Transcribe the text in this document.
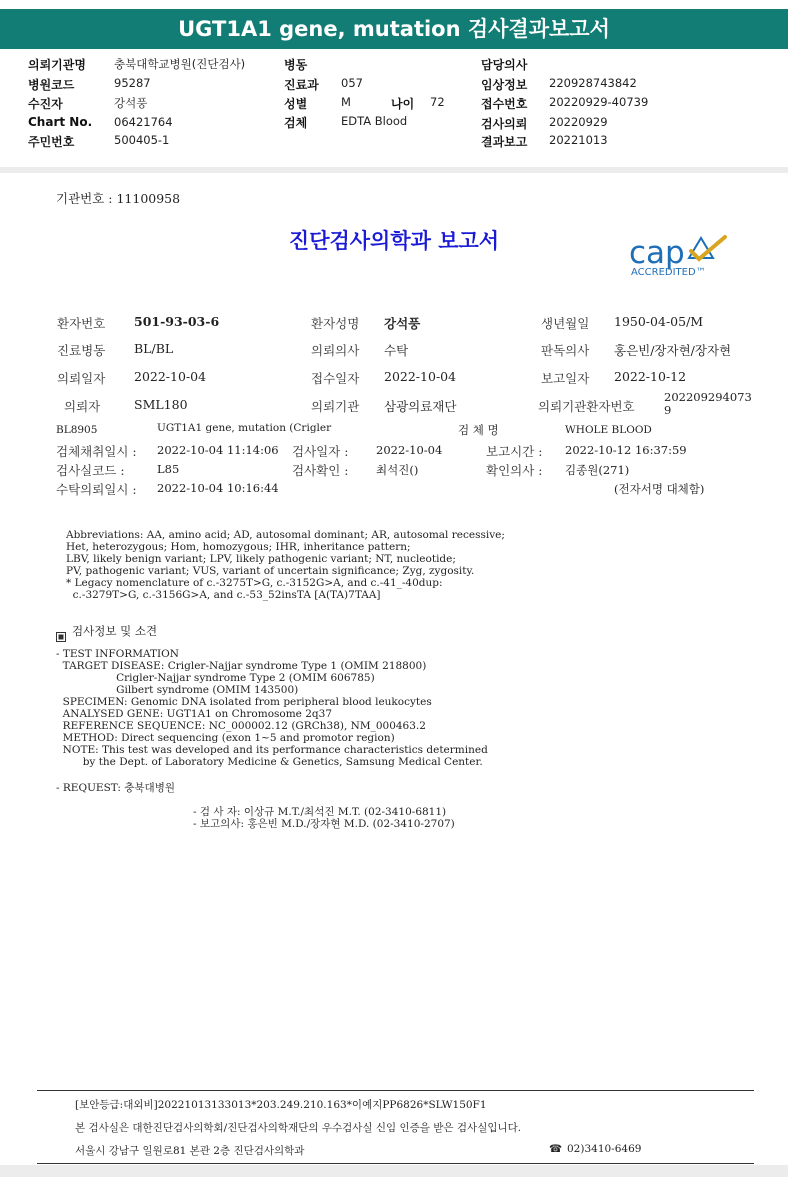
UGT1A1 gene, mutation 검사결과보고서
의뢰기관명 충북대학교병원(진단검사)	병동	담당의사
병원코드	95287	진료과 057	임상정보 220928743842
수진자	강석풍	성별	M	나이 72	접수번호 20220929-40739
Chart No. 06421764	검체	EDTA Blood	검사의뢰 20220929
주민번호	500405-1	결과보고 20221013
기관번호 : 11100958
진단검사의학과 보고서	cap
ACCREDITED™
환자번호 501-93-03-6	환자성명 강석풍	생년월일 1950-04-05/M
진료병동 BL/BL	의뢰의사 수탁	판독의사 홍은빈/장자현/장자현
의뢰일자 2022-10-04	접수일자 2022-10-04	보고일자 2022-10-12
의뢰자	SML180	의뢰기관 삼광의료재단	의뢰기관환자번호
202209294073
9
BL8905	UGT1A1 gene, mutation (Crigler	검 체 명	WHOLE BLOOD
검체채취일시 : 2022-10-04 11:14:06 검사일자 : 2022-10-04	보고시간 : 2022-10-12 16:37:59
검사실코드 :	L85	검사확인 : 최석진()	확인의사 : 김종원(271)
수탁의뢰일시 : 2022-10-04 10:16:44	(전자서명 대체함)
Abbreviations: AA, amino acid; AD, autosomal dominant; AR, autosomal recessive;
Het, heterozygous; Hom, homozygous; IHR, inheritance pattern;
LBV, likely benign variant; LPV, likely pathogenic variant; NT, nucleotide;
PV, pathogenic variant; VUS, variant of uncertain significance; Zyg, zygosity.
* Legacy nomenclature of c.-3275T>G, c.-3152G>A, and c.-41_-40dup:
c.-3279T>G, c.-3156G>A, and c.-53_52insTA [A(TA)7TAA]
검사정보 및 소견
- TEST INFORMATION
TARGET DISEASE: Crigler-Najjar syndrome Type 1 (OMIM 218800)
Crigler-Najjar syndrome Type 2 (OMIM 606785)
Gilbert syndrome (OMIM 143500)
SPECIMEN: Genomic DNA isolated from peripheral blood leukocytes
ANALYSED GENE: UGT1A1 on Chromosome 2q37
REFERENCE SEQUENCE: NC_000002.12 (GRCh38), NM_000463.2
METHOD: Direct sequencing (exon 1~5 and promotor region)
NOTE: This test was developed and its performance characteristics determined
by the Dept. of Laboratory Medicine & Genetics, Samsung Medical Center.
- REQUEST: 충북대병원
- 검 사 자: 이상규 M.T./최석진 M.T. (02-3410-6811)
- 보고의사: 홍은빈 M.D./장자현 M.D. (02-3410-2707)
[보안등급:대외비]20221013133013*203.249.210.163*이예지PP6826*SLW150F1
본 검사실은 대한진단검사의학회/진단검사의학재단의 우수검사실 신임 인증을 받은 검사실입니다.
서울시 강남구 일원로81 본관 2층 진단검사의학과	☎ 02)3410-6469
